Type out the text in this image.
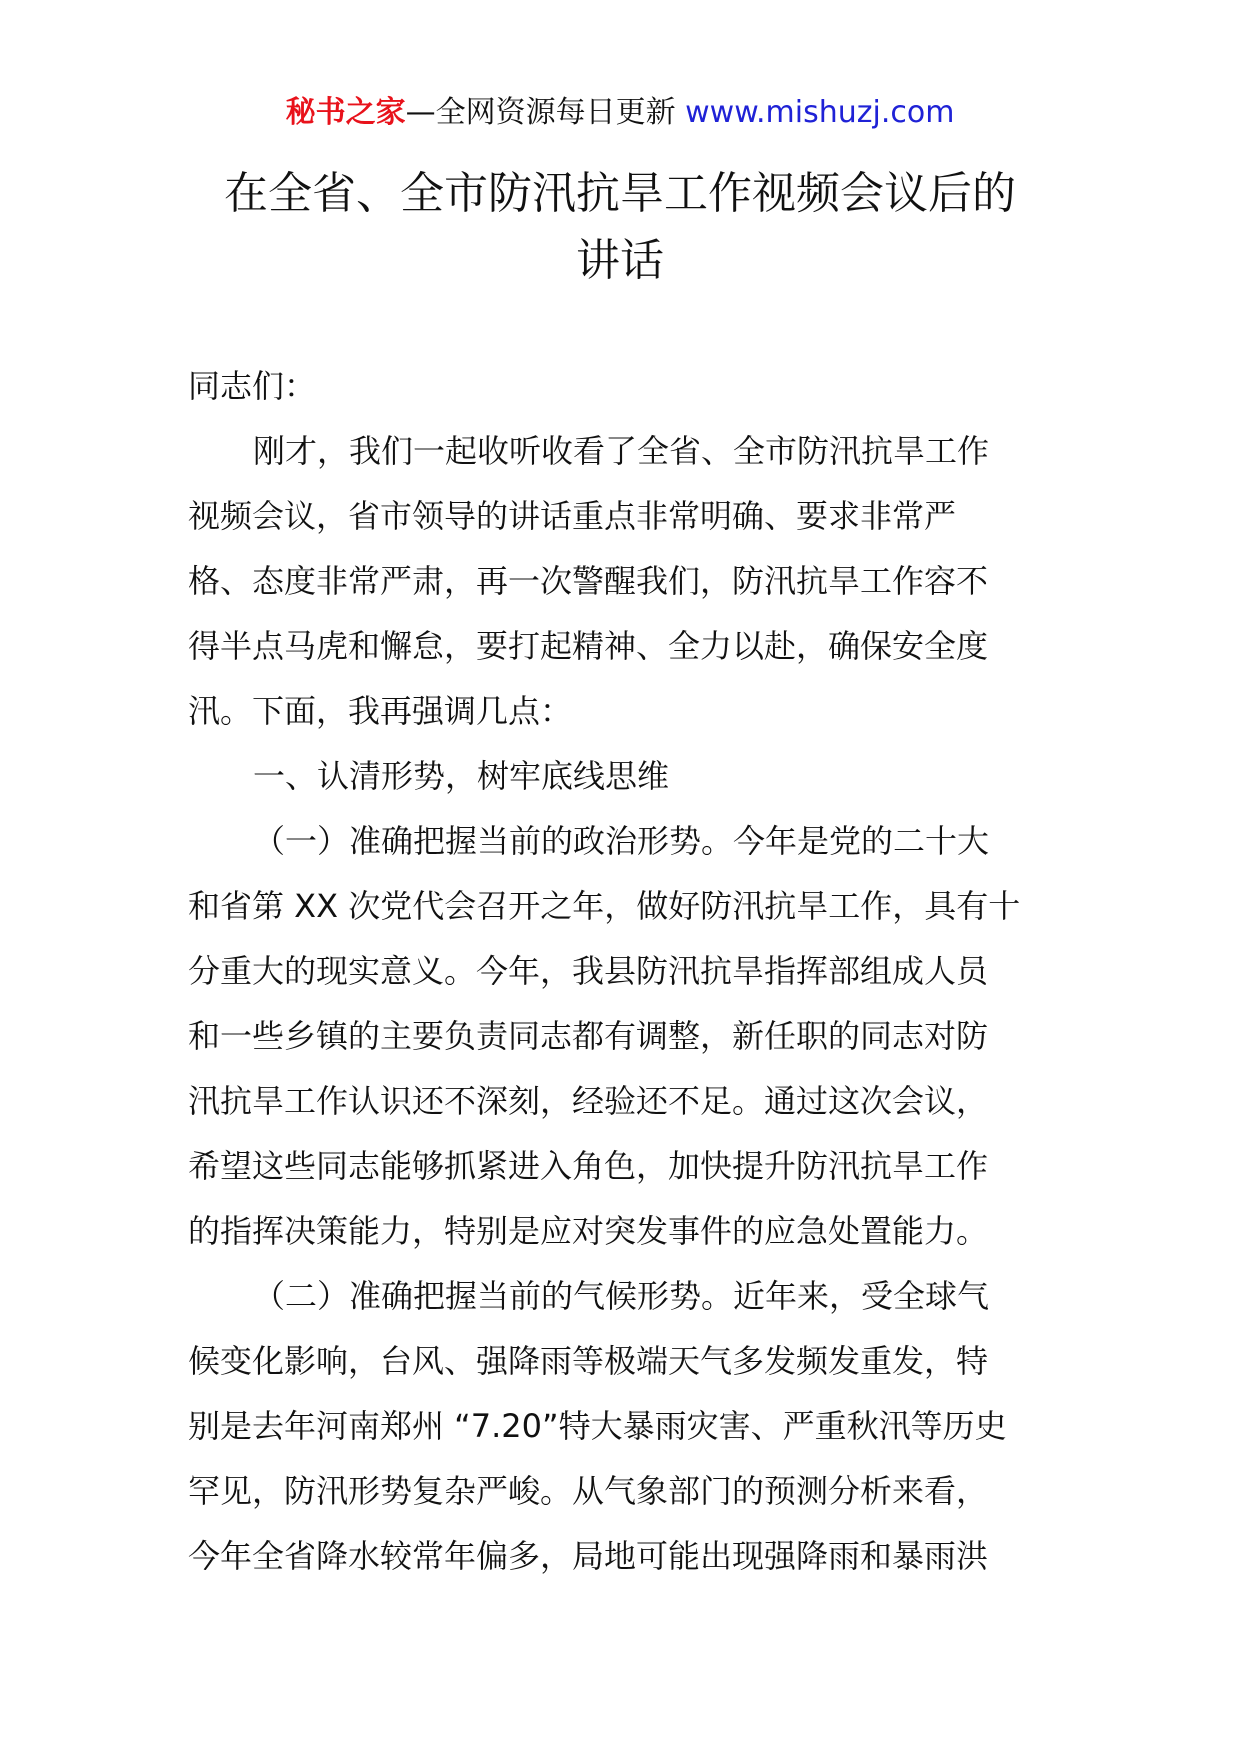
秘书之家—全网资源每日更新 www.mishuzj.com
在全省、全市防汛抗旱工作视频会议后的
讲话
同志们：
刚才，我们一起收听收看了全省、全市防汛抗旱工作
视频会议，省市领导的讲话重点非常明确、要求非常严
格、态度非常严肃，再一次警醒我们，防汛抗旱工作容不
得半点马虎和懈怠，要打起精神、全力以赴，确保安全度
汛。下面，我再强调几点：
一、认清形势，树牢底线思维
（一）准确把握当前的政治形势。今年是党的二十大
和省第 XX 次党代会召开之年，做好防汛抗旱工作，具有十
分重大的现实意义。今年，我县防汛抗旱指挥部组成人员
和一些乡镇的主要负责同志都有调整，新任职的同志对防
汛抗旱工作认识还不深刻，经验还不足。通过这次会议，
希望这些同志能够抓紧进入角色，加快提升防汛抗旱工作
的指挥决策能力，特别是应对突发事件的应急处置能力。
（二）准确把握当前的气候形势。近年来，受全球气
候变化影响，台风、强降雨等极端天气多发频发重发，特
别是去年河南郑州 “7.20”特大暴雨灾害、严重秋汛等历史
罕见，防汛形势复杂严峻。从气象部门的预测分析来看，
今年全省降水较常年偏多，局地可能出现强降雨和暴雨洪
